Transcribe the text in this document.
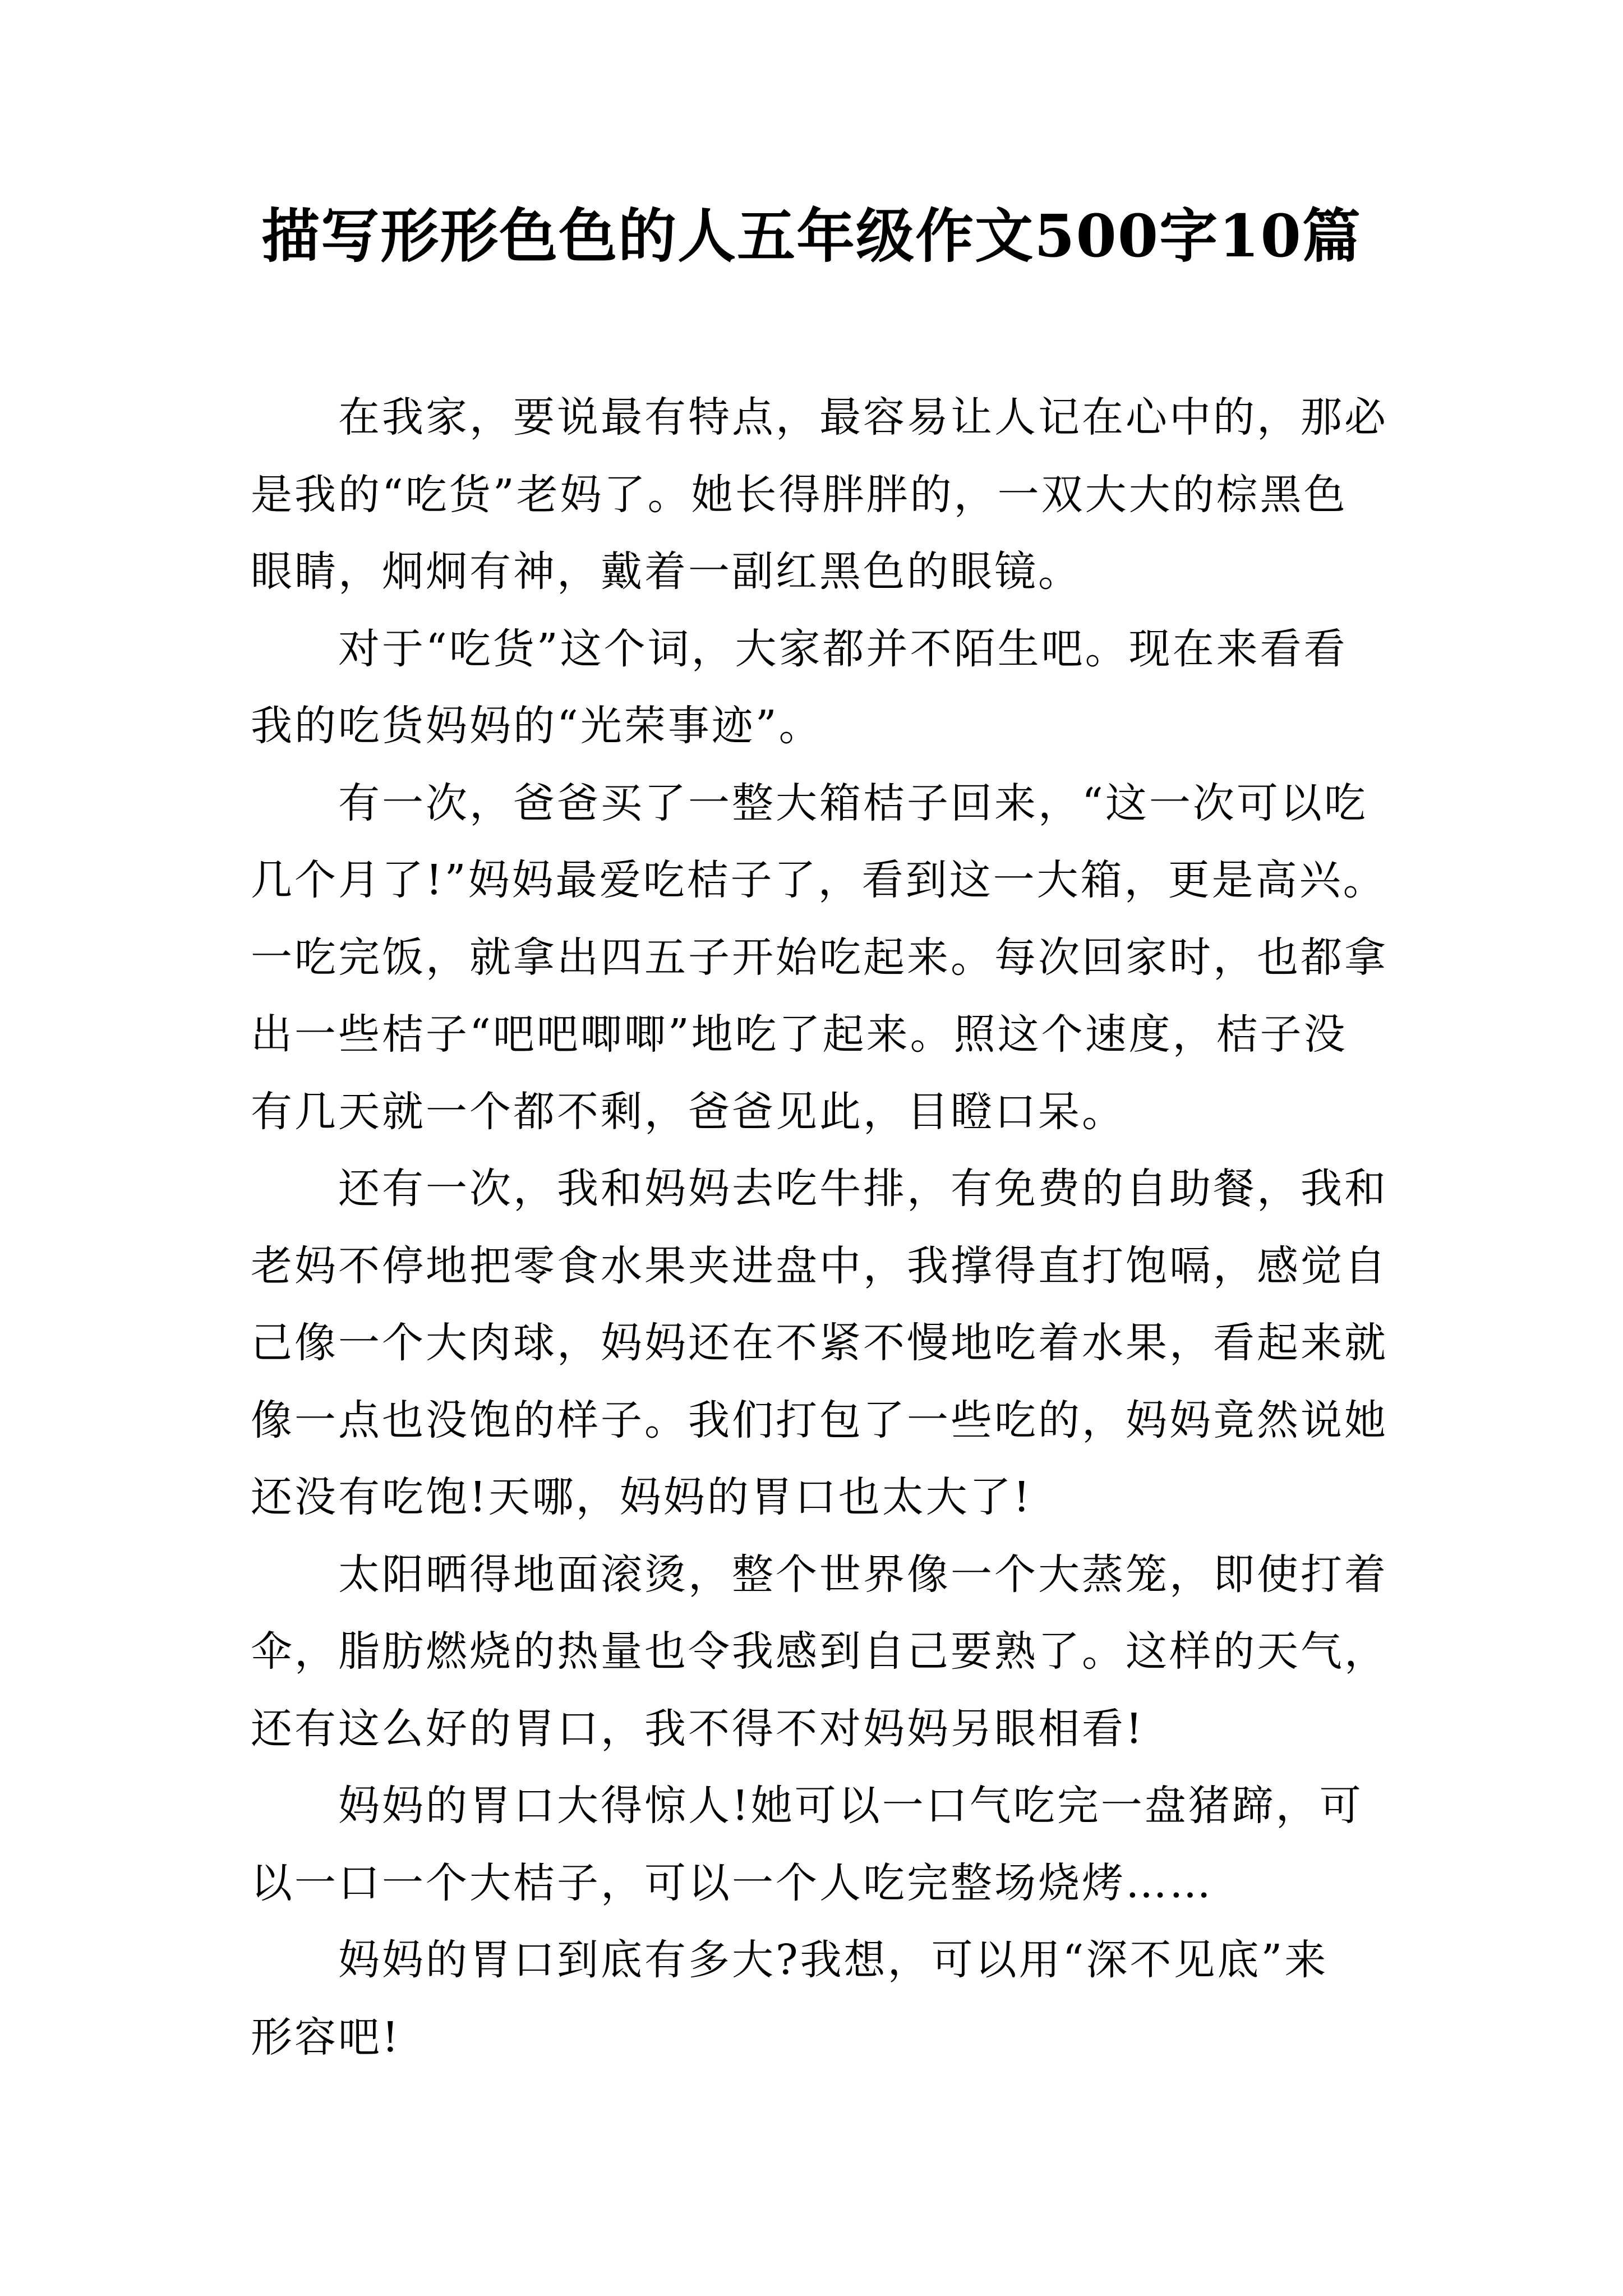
描写形形色色的人五年级作文500字10篇
在我家，要说最有特点，最容易让人记在心中的，那必
是我的“吃货”老妈了。她长得胖胖的，一双大大的棕黑色
眼睛，炯炯有神，戴着一副红黑色的眼镜。
对于“吃货”这个词，大家都并不陌生吧。现在来看看
我的吃货妈妈的“光荣事迹”。
有一次，爸爸买了一整大箱桔子回来，“这一次可以吃
几个月了!”妈妈最爱吃桔子了，看到这一大箱，更是高兴。
一吃完饭，就拿出四五子开始吃起来。每次回家时，也都拿
出一些桔子“吧吧唧唧”地吃了起来。照这个速度，桔子没
有几天就一个都不剩，爸爸见此，目瞪口呆。
还有一次，我和妈妈去吃牛排，有免费的自助餐，我和
老妈不停地把零食水果夹进盘中，我撑得直打饱嗝，感觉自
己像一个大肉球，妈妈还在不紧不慢地吃着水果，看起来就
像一点也没饱的样子。我们打包了一些吃的，妈妈竟然说她
还没有吃饱!天哪，妈妈的胃口也太大了!
太阳晒得地面滚烫，整个世界像一个大蒸笼，即使打着
伞，脂肪燃烧的热量也令我感到自己要熟了。这样的天气，
还有这么好的胃口，我不得不对妈妈另眼相看!
妈妈的胃口大得惊人!她可以一口气吃完一盘猪蹄，可
以一口一个大桔子，可以一个人吃完整场烧烤……
妈妈的胃口到底有多大?我想，可以用“深不见底”来
形容吧!
